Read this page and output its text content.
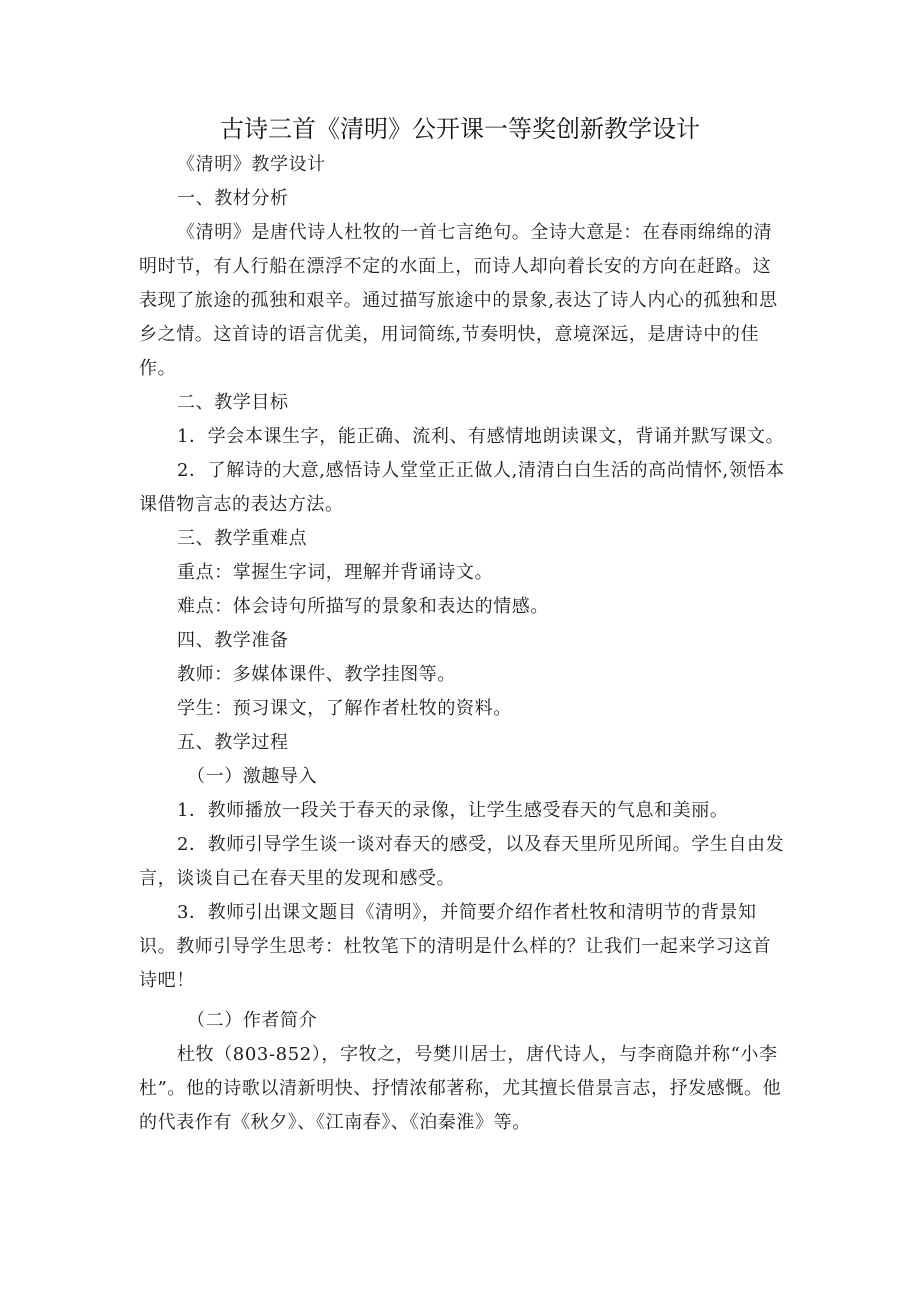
古诗三首《清明》公开课一等奖创新教学设计

《清明》教学设计

一、教材分析

《清明》是唐代诗人杜牧的一首七言绝句。全诗大意是：在春雨绵绵的清明时节，有人行船在漂浮不定的水面上，而诗人却向着长安的方向在赶路。这表现了旅途的孤独和艰辛。通过描写旅途中的景象,表达了诗人内心的孤独和思乡之情。这首诗的语言优美，用词简练,节奏明快，意境深远，是唐诗中的佳作。

二、教学目标

1．学会本课生字，能正确、流利、有感情地朗读课文，背诵并默写课文。

2．了解诗的大意,感悟诗人堂堂正正做人,清清白白生活的高尚情怀,领悟本课借物言志的表达方法。

三、教学重难点

重点：掌握生字词，理解并背诵诗文。

难点：体会诗句所描写的景象和表达的情感。

四、教学准备

教师：多媒体课件、教学挂图等。

学生：预习课文，了解作者杜牧的资料。

五、教学过程

（一）激趣导入

1．教师播放一段关于春天的录像，让学生感受春天的气息和美丽。

2．教师引导学生谈一谈对春天的感受，以及春天里所见所闻。学生自由发言，谈谈自己在春天里的发现和感受。

3．教师引出课文题目《清明》，并简要介绍作者杜牧和清明节的背景知识。教师引导学生思考：杜牧笔下的清明是什么样的？让我们一起来学习这首诗吧！

（二）作者简介

杜牧（803-852），字牧之，号樊川居士，唐代诗人，与李商隐并称“小李杜”。他的诗歌以清新明快、抒情浓郁著称，尤其擅长借景言志，抒发感慨。他的代表作有《秋夕》、《江南春》、《泊秦淮》等。
